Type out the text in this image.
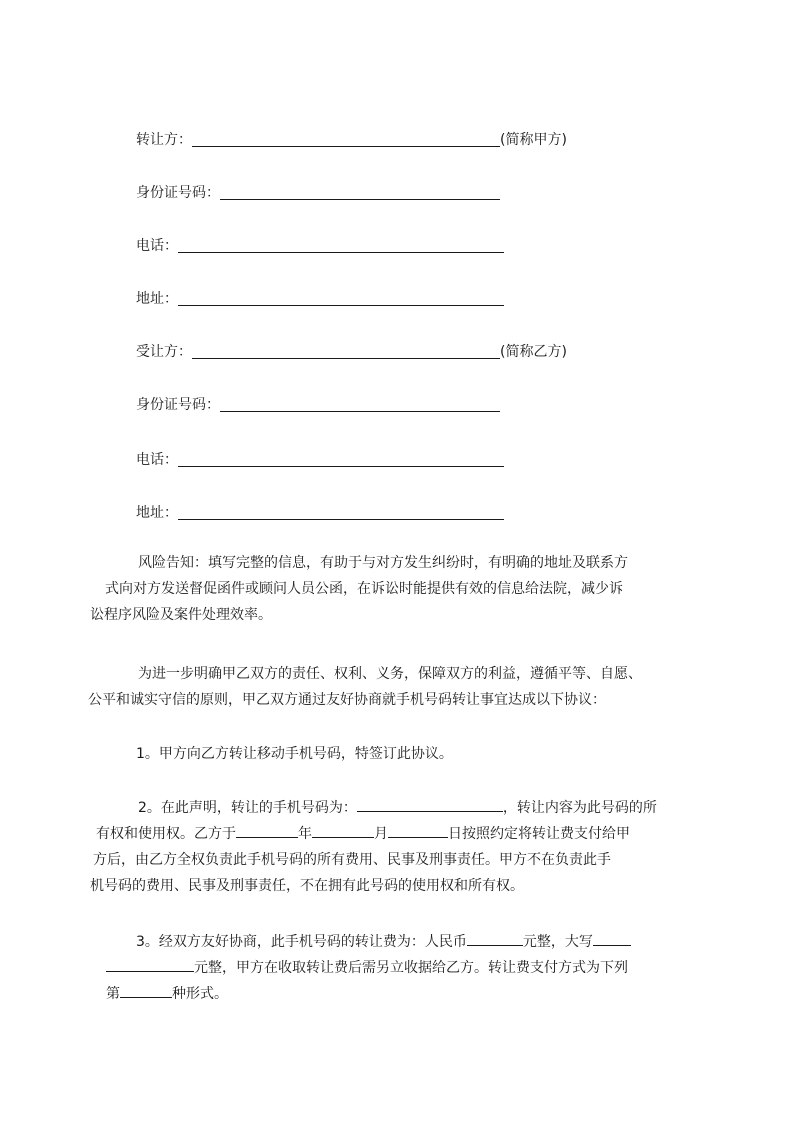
转让方：	(简称甲方)
身份证号码：
电话：
地址：
受让方：	(简称乙方)
身份证号码：
电话：
地址：
风险告知：填写完整的信息，有助于与对方发生纠纷时，有明确的地址及联系方
式向对方发送督促函件或顾问人员公函，在诉讼时能提供有效的信息给法院，减少诉
讼程序风险及案件处理效率。
为进一步明确甲乙双方的责任、权利、义务，保障双方的利益，遵循平等、自愿、
公平和诚实守信的原则，甲乙双方通过友好协商就手机号码转让事宜达成以下协议：
1。甲方向乙方转让移动手机号码，特签订此协议。
2。在此声明，转让的手机号码为：	，转让内容为此号码的所
有权和使用权。乙方于	年	月	日按照约定将转让费支付给甲
方后，由乙方全权负责此手机号码的所有费用、民事及刑事责任。甲方不在负责此手
机号码的费用、民事及刑事责任，不在拥有此号码的使用权和所有权。
3。经双方友好协商，此手机号码的转让费为：人民币	元整，大写
元整，甲方在收取转让费后需另立收据给乙方。转让费支付方式为下列
第	种形式。
